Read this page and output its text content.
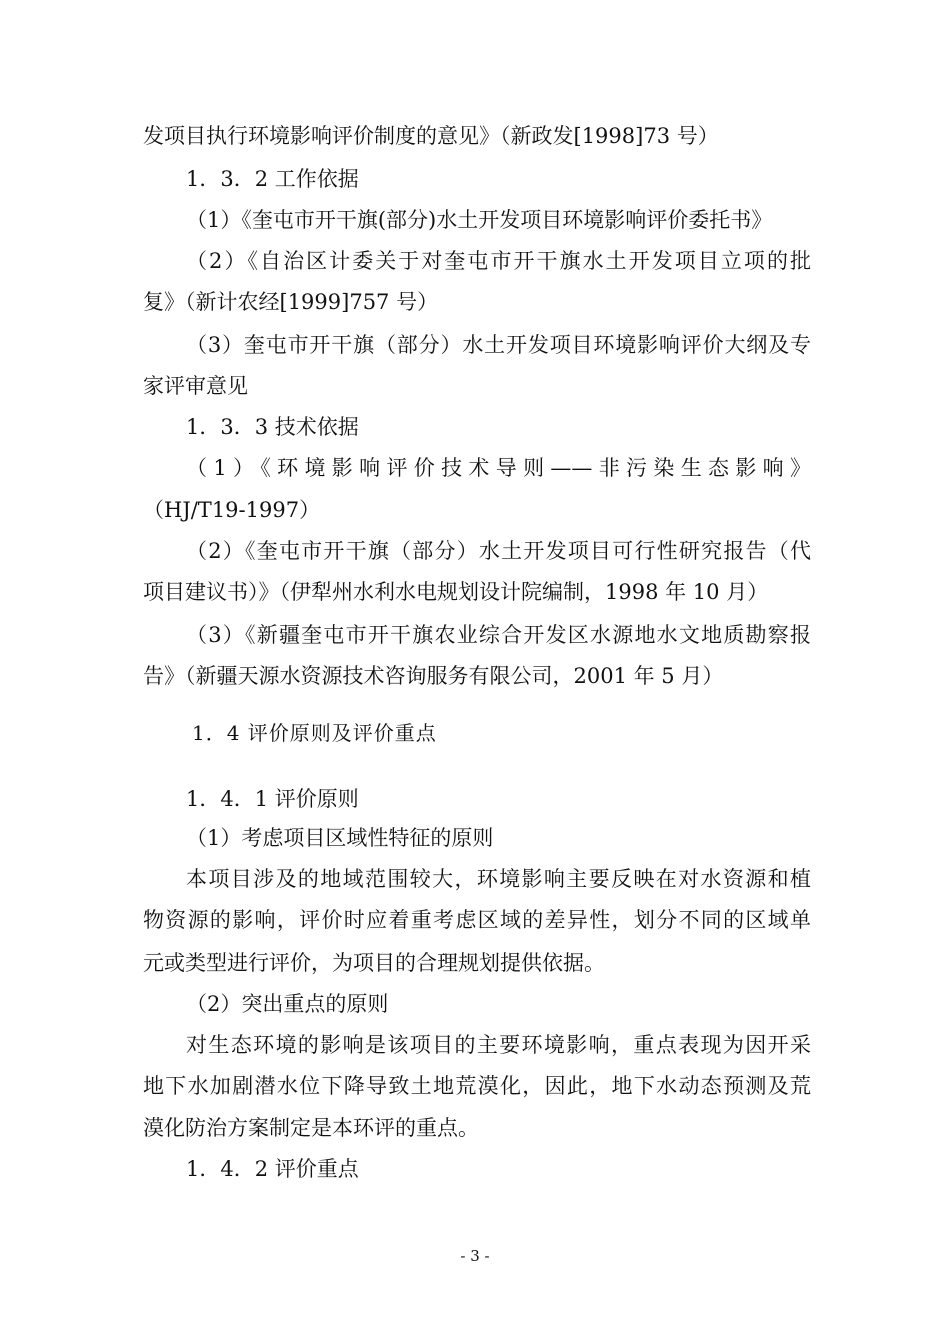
发项目执行环境影响评价制度的意见》（新政发[1998]73 号）
1．3．2 工作依据
（1）《奎屯市开干旗(部分)水土开发项目环境影响评价委托书》
（2）《自治区计委关于对奎屯市开干旗水土开发项目立项的批
复》（新计农经[1999]757 号）
（3）奎屯市开干旗（部分）水土开发项目环境影响评价大纲及专
家评审意见
1．3．3 技术依据
（1）《环境影响评价技术导则——非污染生态影响》
（HJ/T19-1997）
（2）《奎屯市开干旗（部分）水土开发项目可行性研究报告（代
项目建议书）》（伊犁州水利水电规划设计院编制，1998 年 10 月）
（3）《新疆奎屯市开干旗农业综合开发区水源地水文地质勘察报
告》（新疆天源水资源技术咨询服务有限公司，2001 年 5 月）
1．4 评价原则及评价重点
1．4．1 评价原则
（1）考虑项目区域性特征的原则
本项目涉及的地域范围较大，环境影响主要反映在对水资源和植
物资源的影响，评价时应着重考虑区域的差异性，划分不同的区域单
元或类型进行评价，为项目的合理规划提供依据。
（2）突出重点的原则
对生态环境的影响是该项目的主要环境影响，重点表现为因开采
地下水加剧潜水位下降导致土地荒漠化，因此，地下水动态预测及荒
漠化防治方案制定是本环评的重点。
1．4．2 评价重点
- 3 -
